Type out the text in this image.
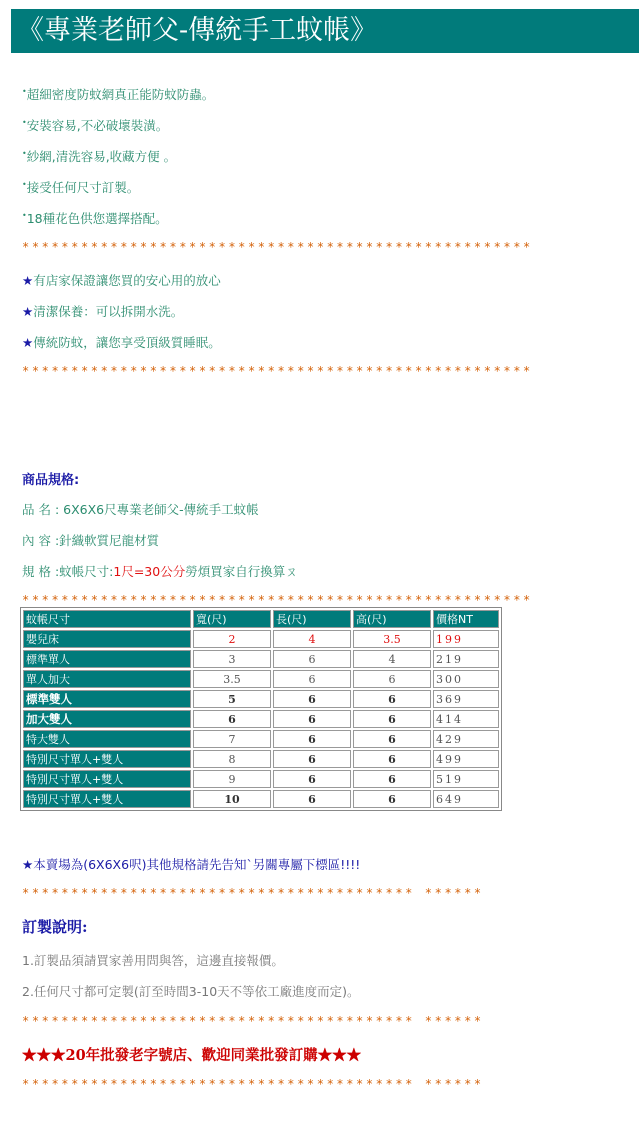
《專業老師父-傳統手工蚊帳》
•超細密度防蚊網真正能防蚊防蟲。
•安裝容易,不必破壞裝潢。
•紗網,清洗容易,收藏方便 。
•接受任何尺寸訂製。
•18種花色供您選擇搭配。
****************************************************
★有店家保證讓您買的安心用的放心
★清潔保養：可以拆開水洗。
★傳統防蚊，讓您享受頂級質睡眠。
****************************************************
商品規格:
品 名 : 6X6X6尺專業老師父-傳統手工蚊帳
內 容 :針織軟質尼龍材質
規 格 :蚊帳尺寸:1尺=30公分勞煩買家自行換算ㄡ
****************************************************
蚊帳尺寸	寬(尺)	長(尺)	高(尺)	價格NT
嬰兒床	2	4	3.5	199
標準單人	3	6	4	219
單人加大	3.5	6	6	300
標準雙人	5	6	6	369
加大雙人	6	6	6	414
特大雙人	7	6	6	429
特別尺寸單人+雙人	8	6	6	499
特別尺寸單人+雙人	9	6	6	519
特別尺寸單人+雙人	10	6	6	649
★本賣場為(6X6X6呎)其他規格請先告知`另關專屬下標區!!!!
**************************************** ******
訂製說明:
1.訂製品須請買家善用問與答，這邊直接報價。
2.任何尺寸都可定製(訂至時間3-10天不等依工廠進度而定)。
**************************************** ******
★★★20年批發老字號店、歡迎同業批發訂購★★★
**************************************** ******
